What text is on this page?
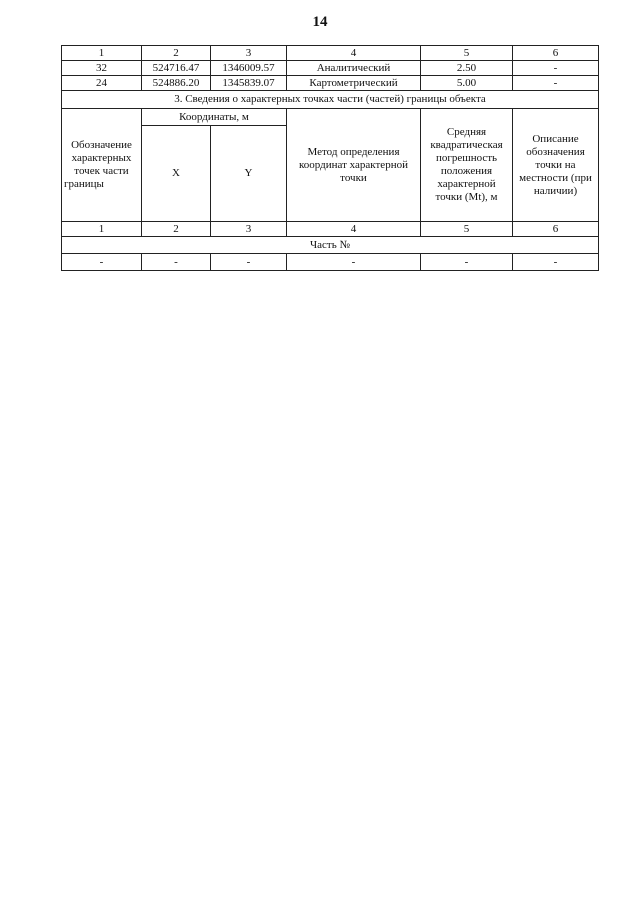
14
1	2	3	4	5	6
32	524716.47	1346009.57	Аналитический	2.50	-
24	524886.20	1345839.07	Картометрический	5.00	-
3. Сведения о характерных точках части (частей) границы объекта					
Обозначение характерных точек части границы	Координаты, м		Метод определения координат характерной точки	Средняя квадратическая погрешность положения характерной точки (Mt), м	Описание обозначения точки на местности (при наличии)
	X	Y			
1	2	3	4	5	6
Часть №					
-	-	-	-	-	-
